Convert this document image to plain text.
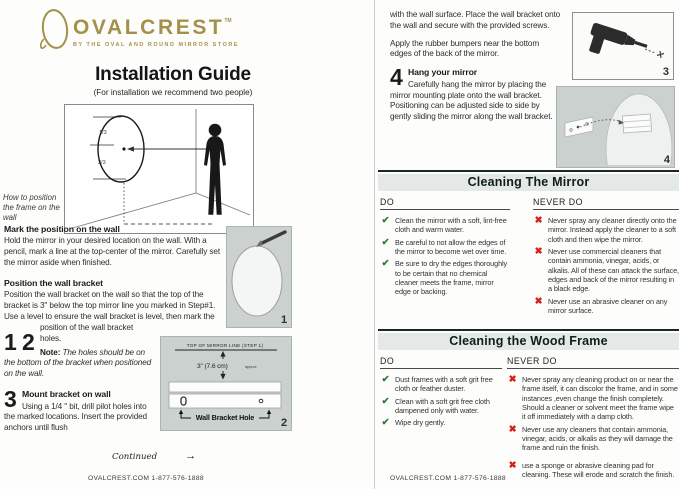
OVALCREST™
BY THE OVAL AND ROUND MIRROR STORE
Installation Guide
(For installation we recommend two people)
1/3
2/3
How to position the frame on the wall
1
TOP OF MIRROR LINE (STEP 1)
3" (7.6 cm)	approx
Wall Bracket Hole 2
1
Mark the position on the wall
Hold the mirror in your desired location on the wall. With a pencil, mark a line at the top-center of the mirror. Carefully set the mirror aside when finished.
2
Position the wall bracket
Position the wall bracket on the wall so that the top of the bracket is 3" below the top mirror line you marked in Step#1. Use a level to ensure the wall bracket is level, then mark the position of the wall bracket holes.
Note: The holes should be on the bottom of the bracket when positioned on the wall.
3 Mount bracket on wall
Using a 1/4 " bit, drill pilot holes into the marked locations. Insert the provided anchors until flush
Continued	→
OVALCREST.COM 1-877-576-1888

with the wall surface. Place the wall bracket onto the wall and secure with the provided screws.

Apply the rubber bumpers near the bottom edges of the back of the mirror.

4 Hang your mirror
Carefully hang the mirror by placing the mirror mounting plate onto the wall bracket. Positioning can be adjusted side to side by gently sliding the mirror along the wall bracket.
3
4
Cleaning The Mirror
DO
✔ Clean the mirror with a soft, lint-free cloth and warm water.
✔ Be careful to not allow the edges of the mirror to become wet over time.
✔ Be sure to dry the edges thoroughly to be certain that no chemical cleaner meets the frame, mirror edge or backing.
NEVER DO
✖ Never spray any cleaner directly onto the mirror. Instead apply the cleaner to a soft cloth and then wipe the mirror.
✖ Never use commercial cleaners that contain ammonia, vinegar, acids, or alkalis. All of these can attack the surface, edges and back of the mirror resulting in a black edge.
✖ Never use an abrasive cleaner on any mirror surface.
Cleaning the Wood Frame
DO
✔ Dust frames with a soft grit free cloth or feather duster.
✔ Clean with a soft grit free cloth dampened only with water.
✔ Wipe dry gently.
NEVER DO
✖ Never spray any cleaning product on or near the frame itself, it can discolor the frame, and in some instances ,even change the finish completely. Should a cleaner or solvent meet the frame wipe it off immediately with a damp cloth.
✖ Never use any cleaners that contain ammonia, vinegar, acids, or alkalis as they will damage the frame and ruin the finish.
✖ use a sponge or abrasive cleaning pad for cleaning. These will erode and scratch the finish.
OVALCREST.COM 1-877-576-1888
